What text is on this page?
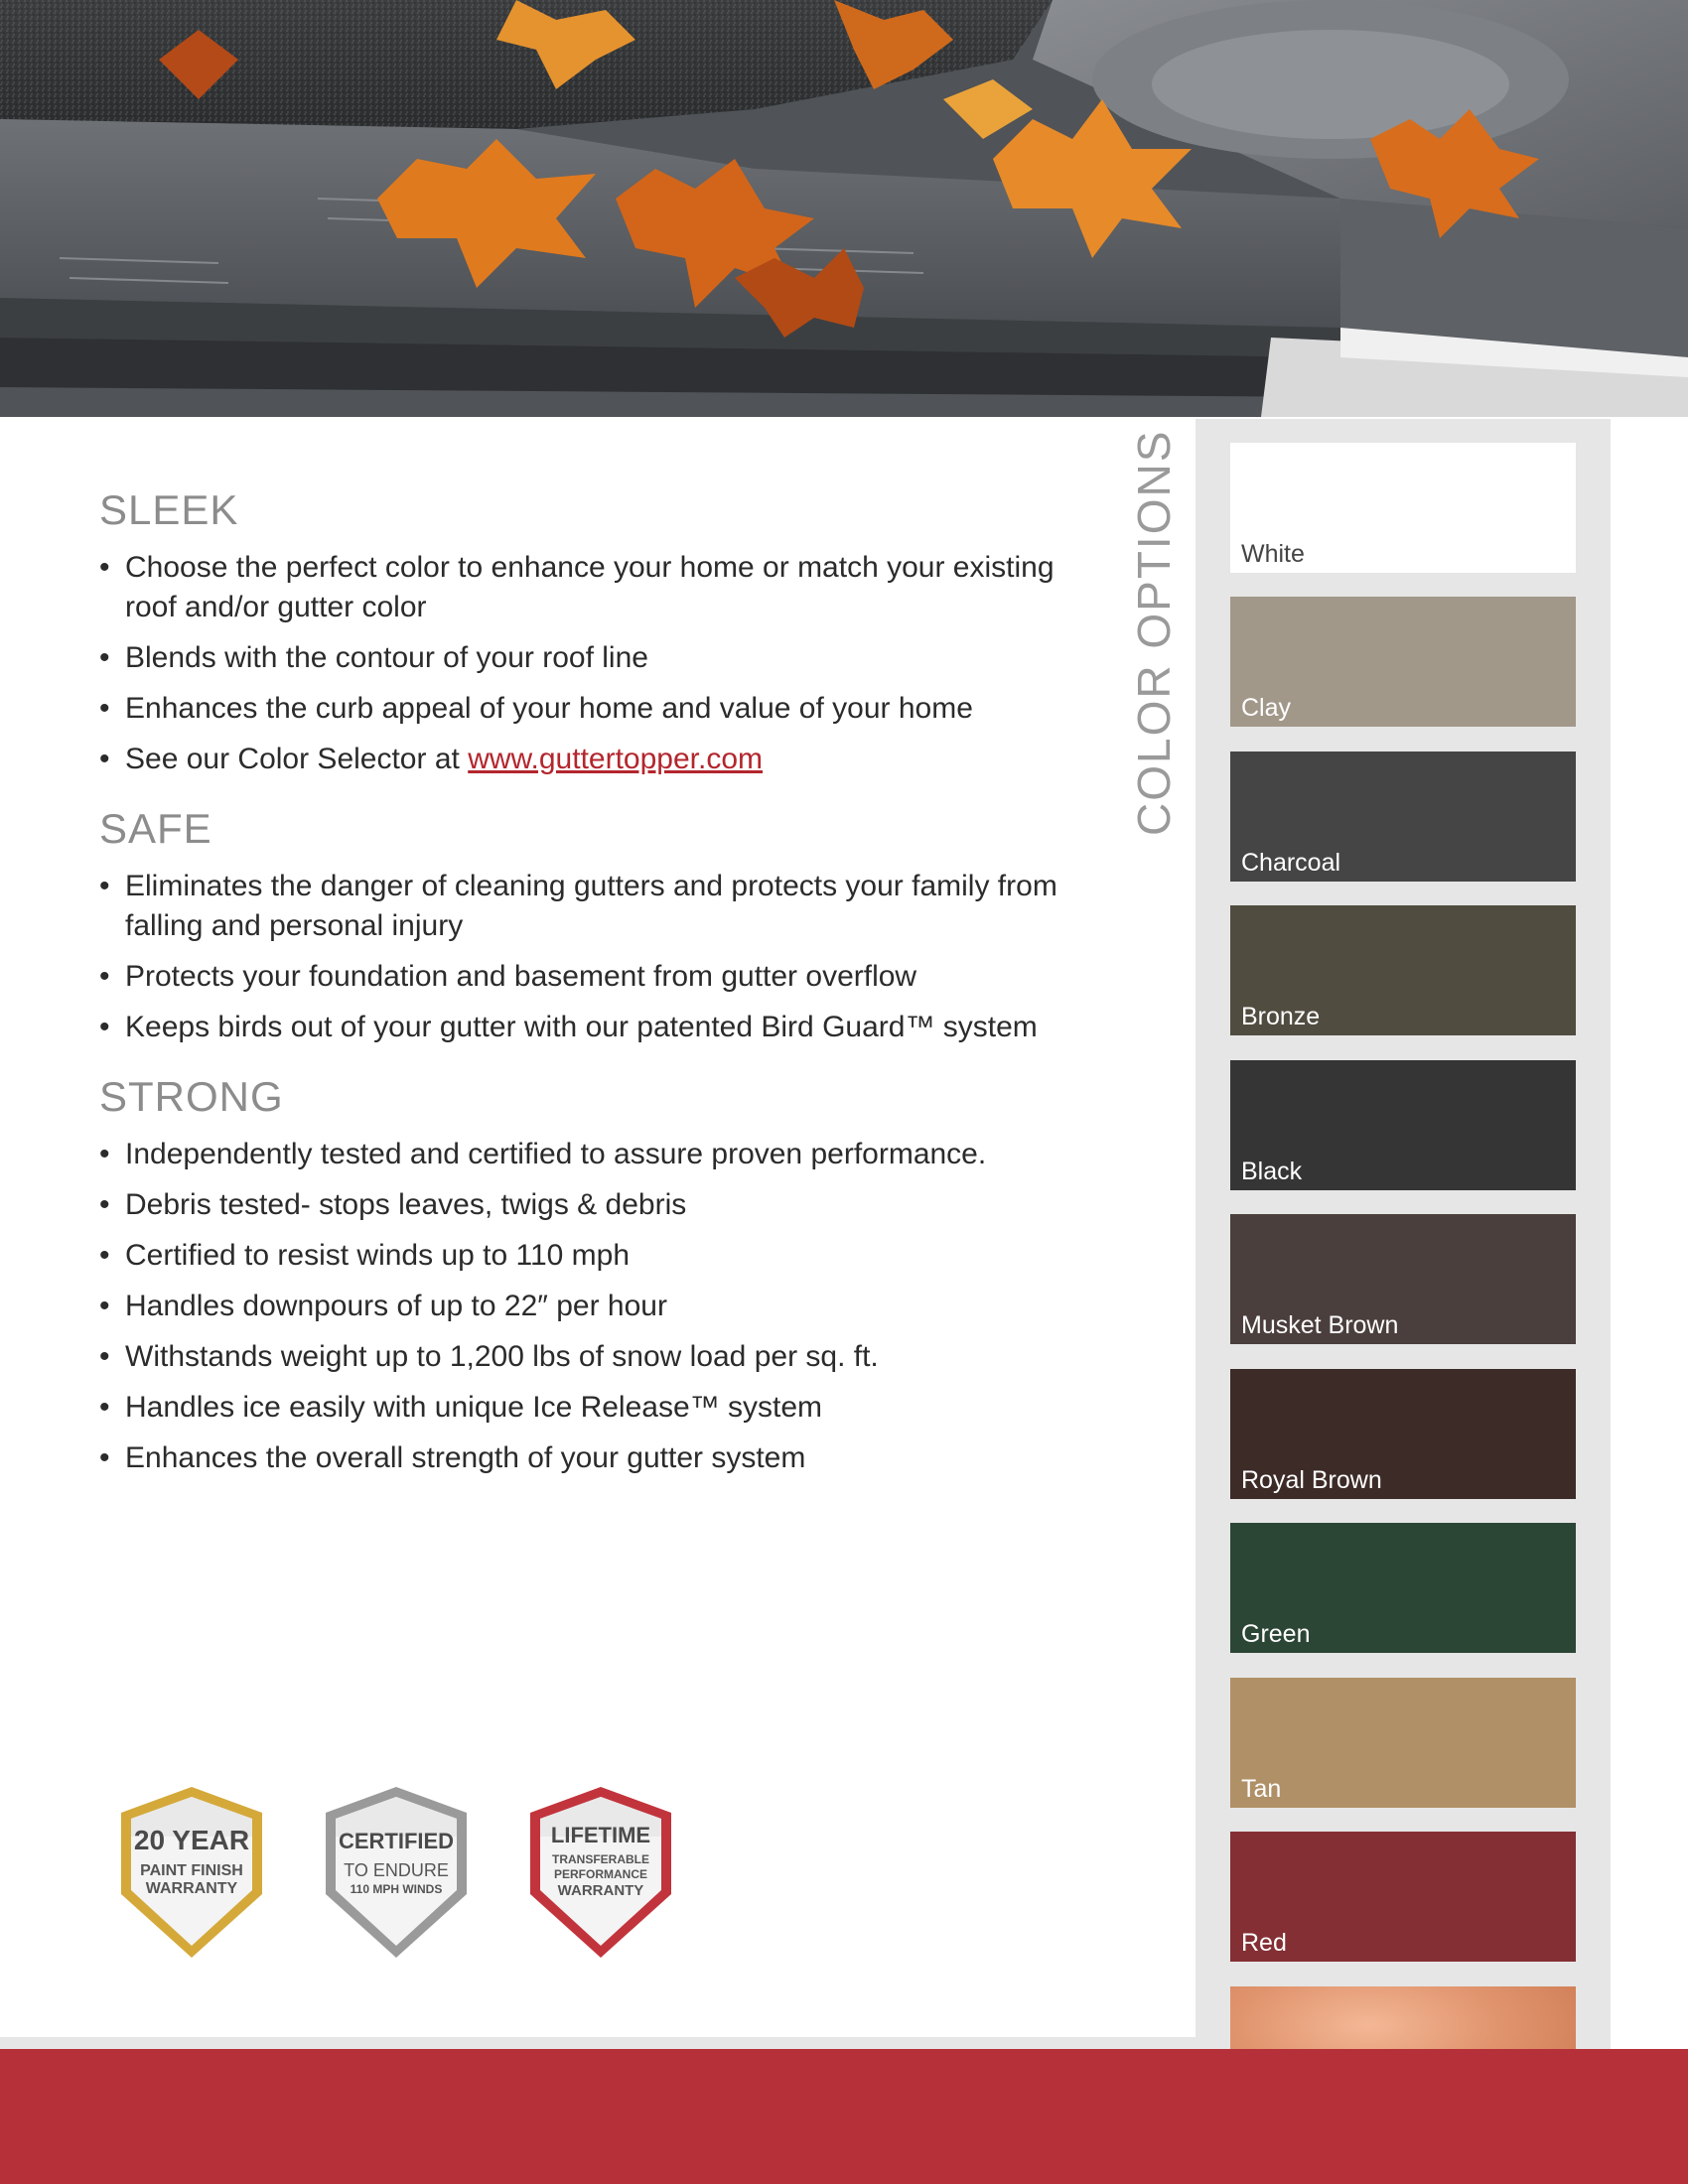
SLEEK
• Choose the perfect color to enhance your home or match your existing roof and/or gutter color
• Blends with the contour of your roof line
• Enhances the curb appeal of your home and value of your home
• See our Color Selector at www.guttertopper.com
SAFE
• Eliminates the danger of cleaning gutters and protects your family from falling and personal injury
• Protects your foundation and basement from gutter overflow
• Keeps birds out of your gutter with our patented Bird Guard™ system
STRONG
• Independently tested and certified to assure proven performance.
• Debris tested- stops leaves, twigs & debris
• Certified to resist winds up to 110 mph
• Handles downpours of up to 22″ per hour
• Withstands weight up to 1,200 lbs of snow load per sq. ft.
• Handles ice easily with unique Ice Release™ system
• Enhances the overall strength of your gutter system
20 YEAR
PAINT FINISH
WARRANTY
CERTIFIED
TO ENDURE
110 MPH WINDS
LIFETIME
TRANSFERABLE
PERFORMANCE
WARRANTY
COLOR OPTIONS White
Clay
Charcoal
Bronze
Black
Musket Brown
Royal Brown
Green
Tan
Red
